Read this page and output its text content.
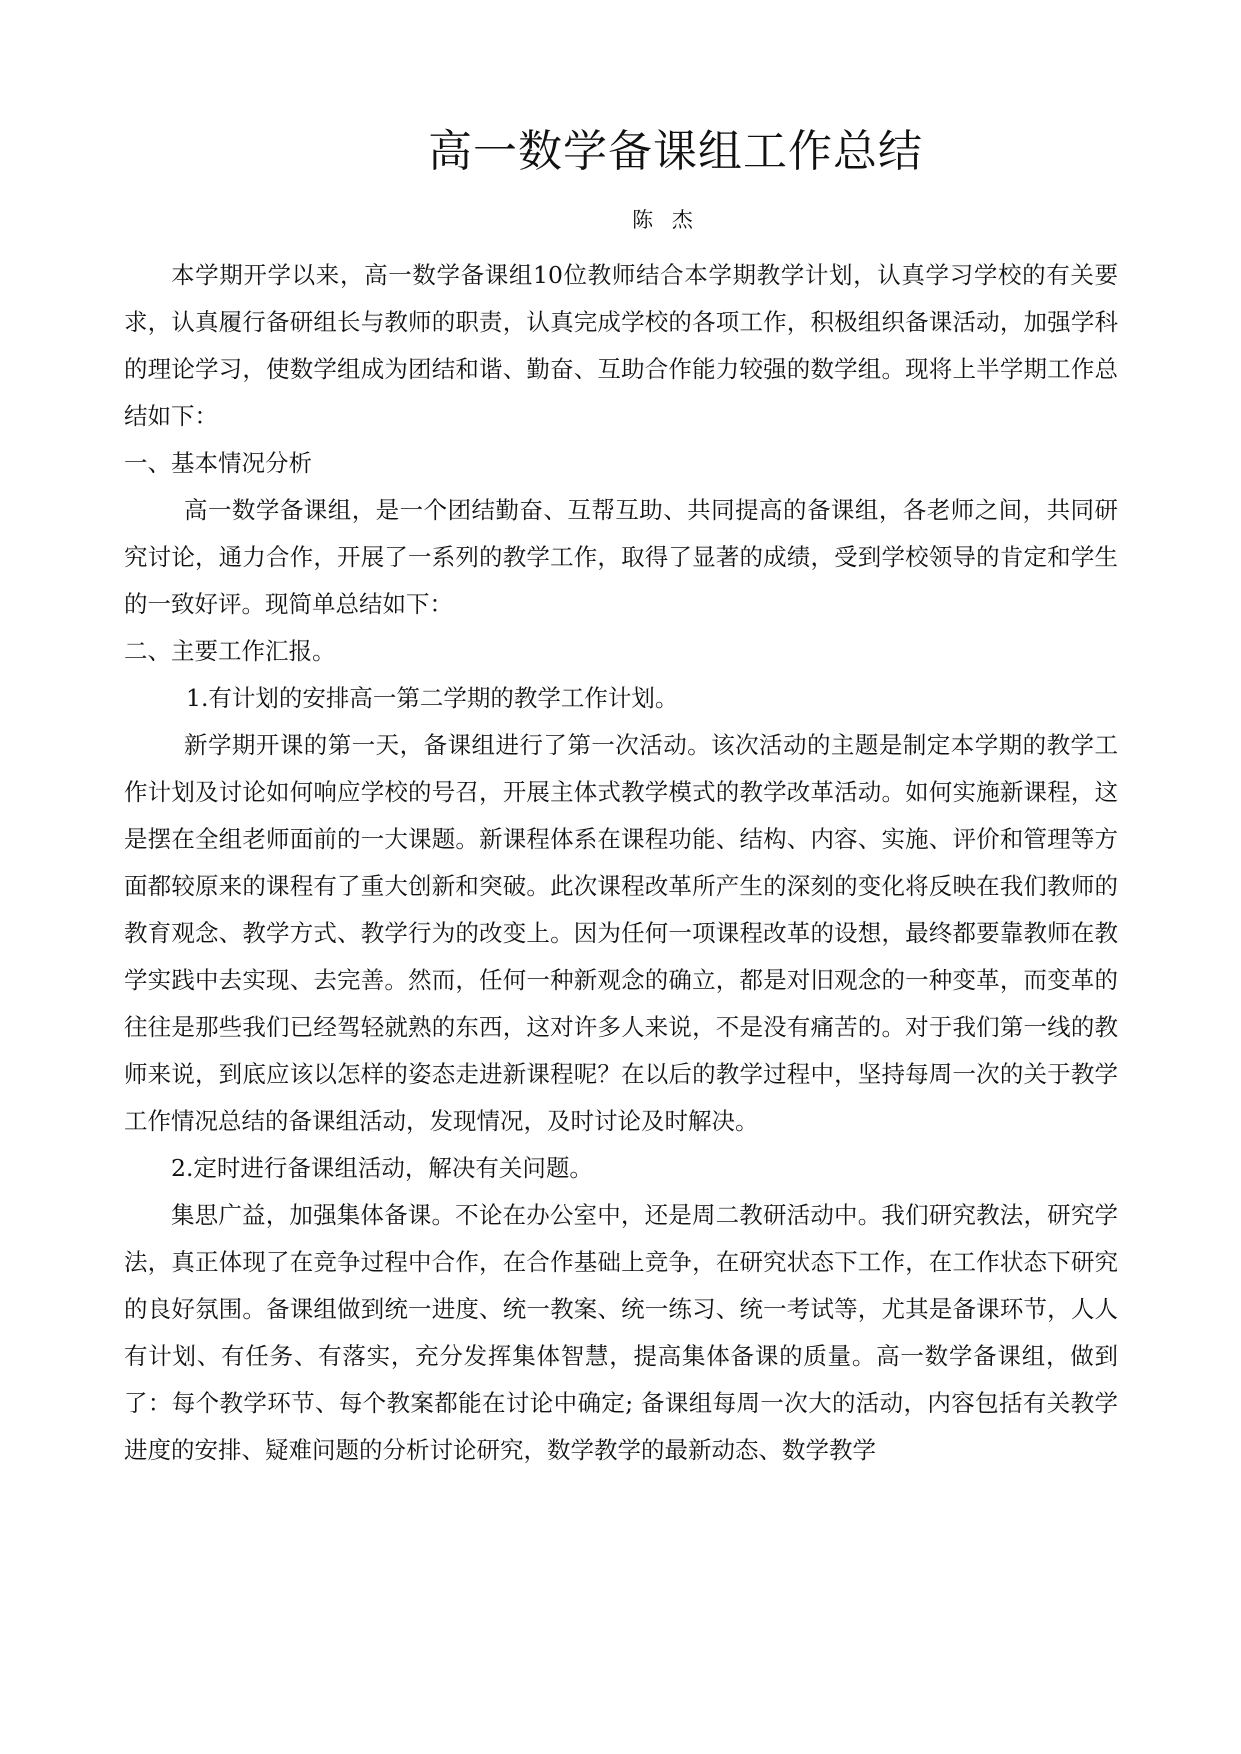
高一数学备课组工作总结
陈 杰

本学期开学以来，高一数学备课组10位教师结合本学期教学计划，认真学习学校的有关要求，认真履行备研组长与教师的职责，认真完成学校的各项工作，积极组织备课活动，加强学科的理论学习，使数学组成为团结和谐、勤奋、互助合作能力较强的数学组。现将上半学期工作总结如下：

一、基本情况分析

高一数学备课组，是一个团结勤奋、互帮互助、共同提高的备课组，各老师之间，共同研究讨论，通力合作，开展了一系列的教学工作，取得了显著的成绩，受到学校领导的肯定和学生的一致好评。现简单总结如下：

二、主要工作汇报。

1.有计划的安排高一第二学期的教学工作计划。

新学期开课的第一天，备课组进行了第一次活动。该次活动的主题是制定本学期的教学工作计划及讨论如何响应学校的号召，开展主体式教学模式的教学改革活动。如何实施新课程，这是摆在全组老师面前的一大课题。新课程体系在课程功能、结构、内容、实施、评价和管理等方面都较原来的课程有了重大创新和突破。此次课程改革所产生的深刻的变化将反映在我们教师的教育观念、教学方式、教学行为的改变上。因为任何一项课程改革的设想，最终都要靠教师在教学实践中去实现、去完善。然而，任何一种新观念的确立，都是对旧观念的一种变革，而变革的往往是那些我们已经驾轻就熟的东西，这对许多人来说，不是没有痛苦的。对于我们第一线的教师来说，到底应该以怎样的姿态走进新课程呢？在以后的教学过程中，坚持每周一次的关于教学工作情况总结的备课组活动，发现情况，及时讨论及时解决。

2.定时进行备课组活动，解决有关问题。

集思广益，加强集体备课。不论在办公室中，还是周二教研活动中。我们研究教法，研究学法，真正体现了在竞争过程中合作，在合作基础上竞争，在研究状态下工作，在工作状态下研究的良好氛围。备课组做到统一进度、统一教案、统一练习、统一考试等，尤其是备课环节，人人有计划、有任务、有落实，充分发挥集体智慧，提高集体备课的质量。高一数学备课组，做到了：每个教学环节、每个教案都能在讨论中确定; 备课组每周一次大的活动，内容包括有关教学进度的安排、疑难问题的分析讨论研究，数学教学的最新动态、数学教学
